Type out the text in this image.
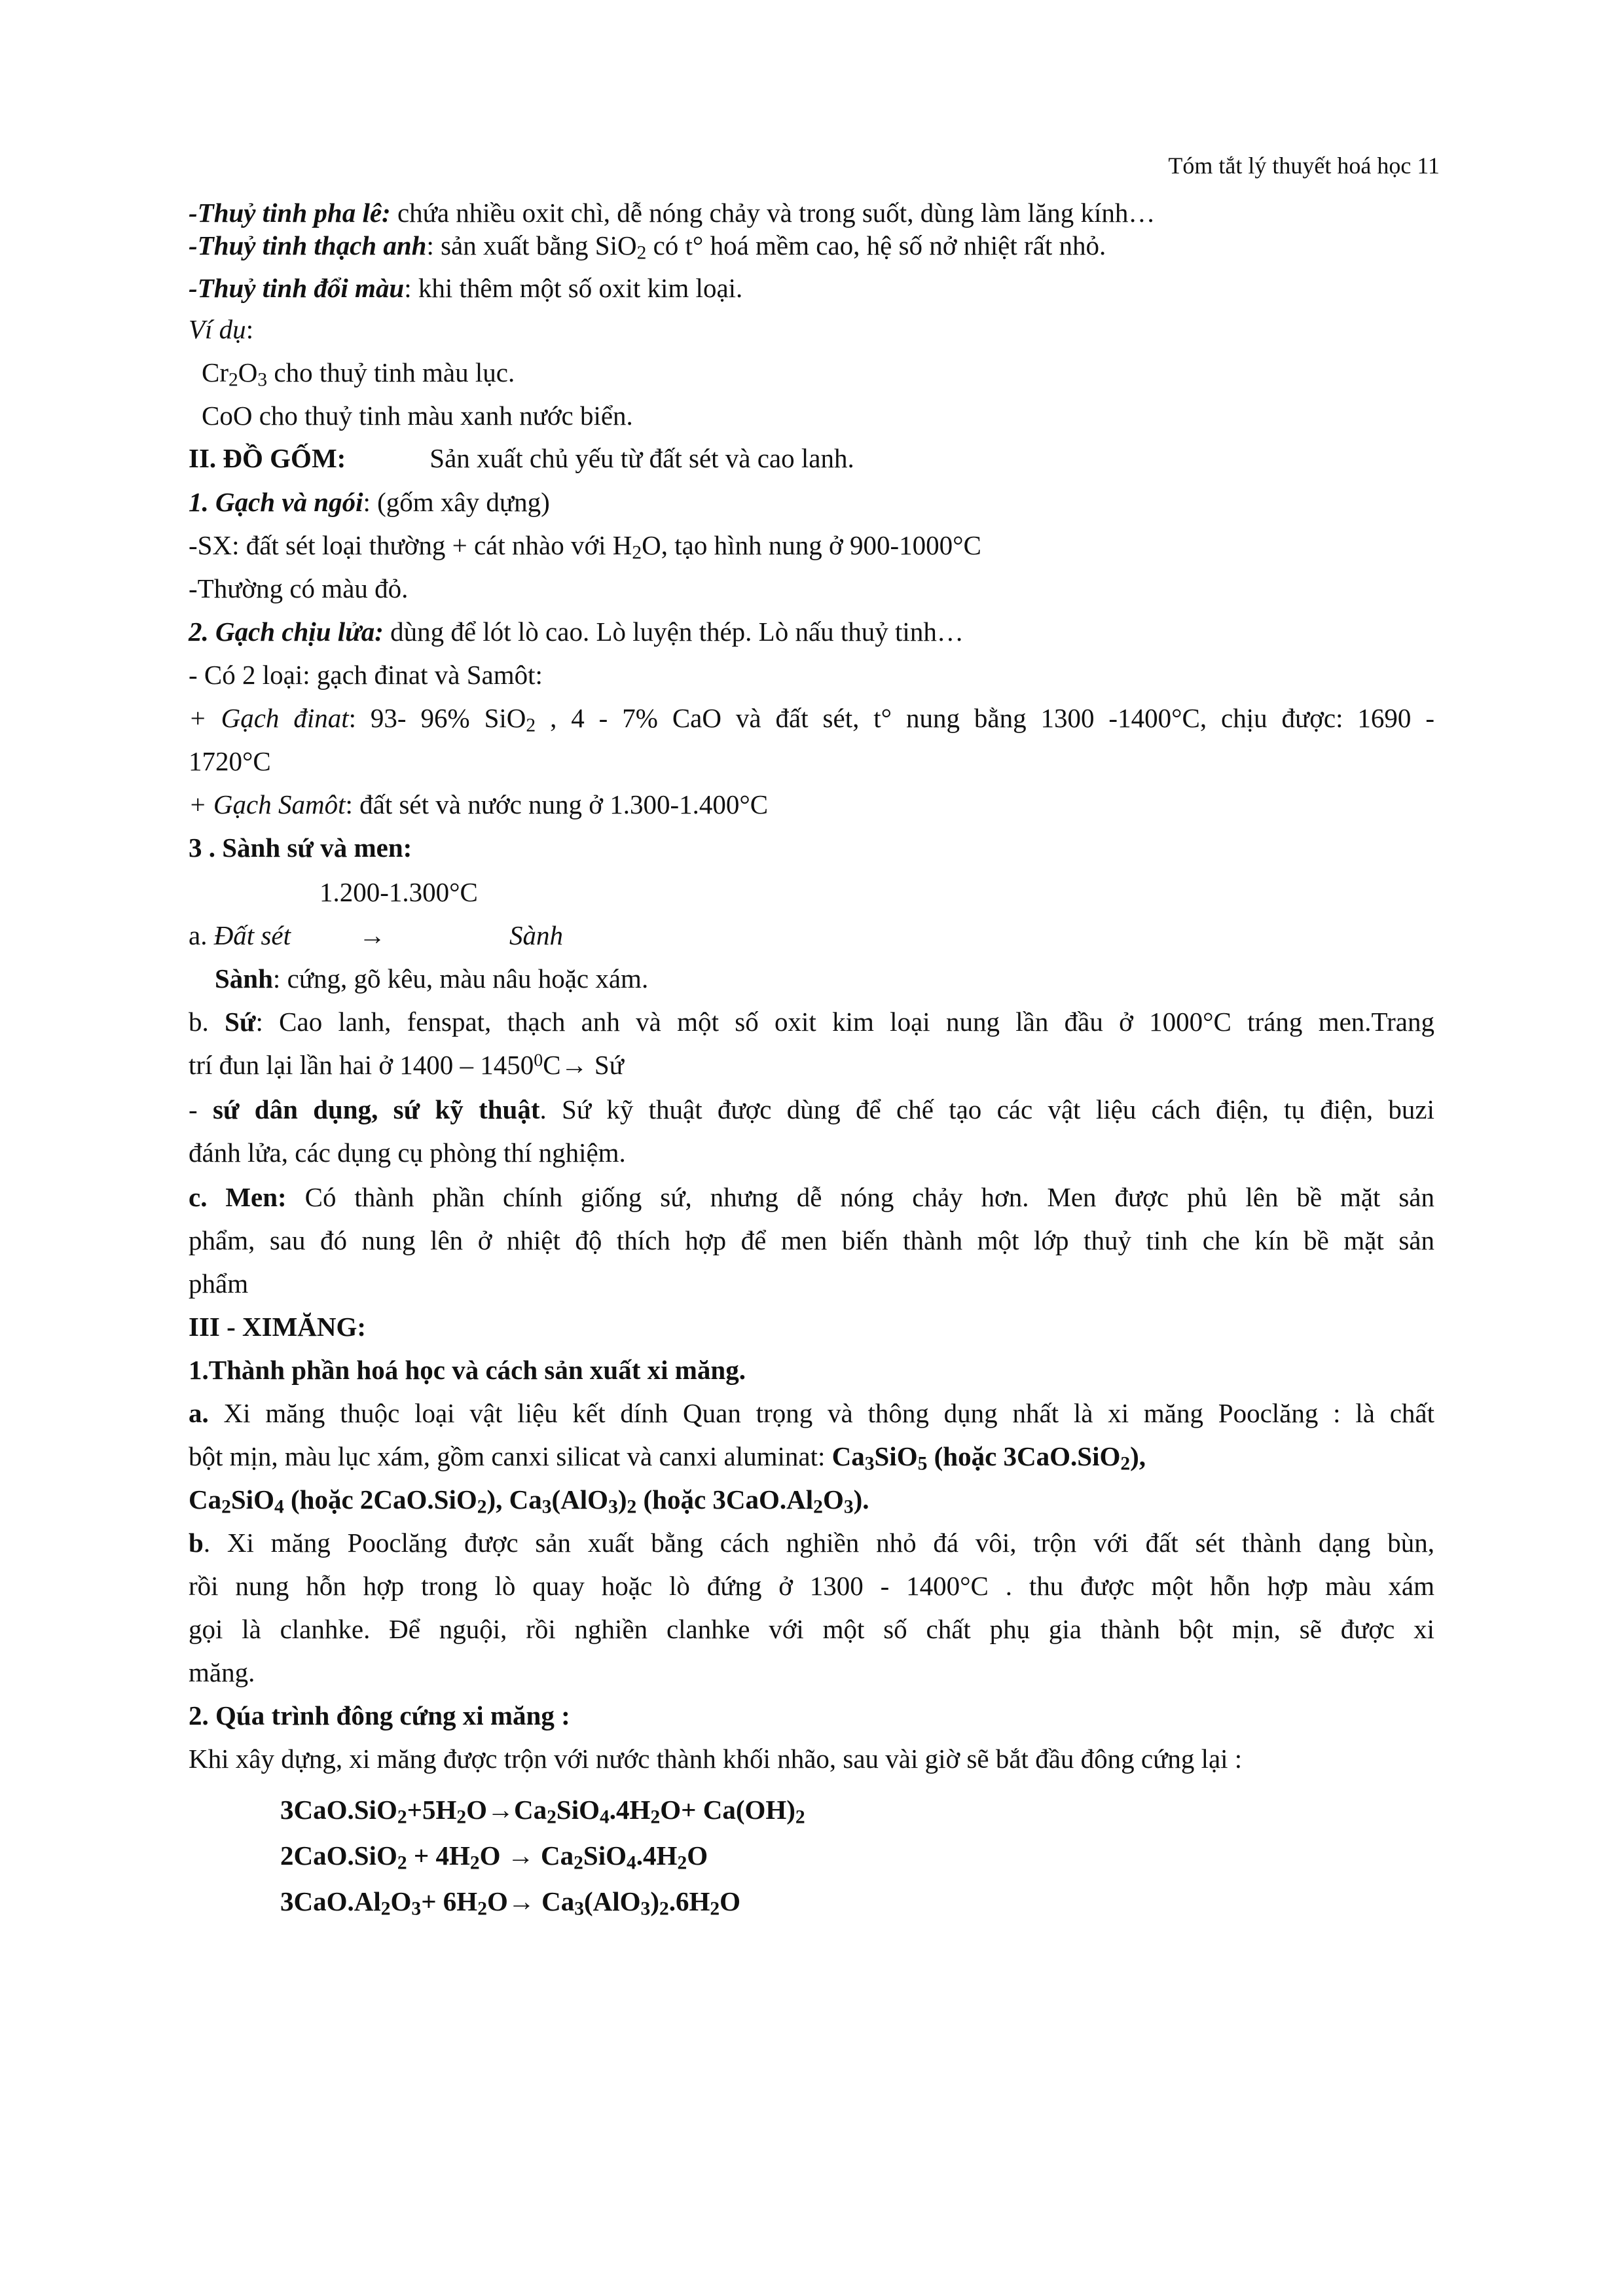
Tóm tắt lý thuyết hoá học 11
-Thuỷ tinh pha lê: chứa nhiều oxit chì, dễ nóng chảy và trong suốt, dùng làm lăng kính…
-Thuỷ tinh thạch anh: sản xuất bằng SiO$_2$ có t° hoá mềm cao, hệ số nở nhiệt rất nhỏ.
-Thuỷ tinh đổi màu: khi thêm một số oxit kim loại.
Ví dụ:
$Cr_2O_3$ cho thuỷ tinh màu lục.
CoO cho thuỷ tinh màu xanh nước biển.
II. ĐỒ GỐM:	Sản xuất chủ yếu từ đất sét và cao lanh.
1. Gạch và ngói: (gốm xây dựng)
-SX: đất sét loại thường + cát nhào với $H_2O$, tạo hình nung ở 900-1000°C
-Thường có màu đỏ.
2. Gạch chịu lửa: dùng để lót lò cao. Lò luyện thép. Lò nấu thuỷ tinh…
- Có 2 loại: gạch đinat và Samôt:
+ Gạch đinat: 93- 96% SiO$_2$ , 4 - 7% CaO và đất sét, t° nung bằng 1300 -1400°C, chịu được: 1690 -
1720°C
+ Gạch Samôt: đất sét và nước nung ở 1.300-1.400°C
3 . Sành sứ và men:
1.200-1.300°C
a. Đất sét	→	Sành
Sành: cứng, gõ kêu, màu nâu hoặc xám.
b. Sứ: Cao lanh, fenspat, thạch anh và một số oxit kim loại nung lần đầu ở 1000°C tráng men.Trang
trí đun lại lần hai ở $1400 - 1450^0C\to$ Sứ
- sứ dân dụng, sứ kỹ thuật. Sứ kỹ thuật được dùng để chế tạo các vật liệu cách điện, tụ điện, buzi
đánh lửa, các dụng cụ phòng thí nghiệm.
c. Men: Có thành phần chính giống sứ, nhưng dễ nóng chảy hơn. Men được phủ lên bề mặt sản
phẩm, sau đó nung lên ở nhiệt độ thích hợp để men biến thành một lớp thuỷ tinh che kín bề mặt sản
phẩm
III - XIMĂNG:
1.Thành phần hoá học và cách sản xuất xi măng.
a. Xi măng thuộc loại vật liệu kết dính Quan trọng và thông dụng nhất là xi măng Pooclăng : là chất
bột mịn, màu lục xám, gồm canxi silicat và canxi aluminat: $Ca_3SiO_5$ (hoặc 3CaO.SiO$_2$),
$Ca_2SiO_4$ (hoặc 2CaO.SiO$_2$), $Ca_3(AlO_3)_2$ (hoặc $3CaO.Al_2O_3$).
b. Xi măng Pooclăng được sản xuất bằng cách nghiền nhỏ đá vôi, trộn với đất sét thành dạng bùn,
rồi nung hỗn hợp trong lò quay hoặc lò đứng ở 1300 - 1400°C . thu được một hỗn hợp màu xám
gọi là clanhke. Để nguội, rồi nghiền clanhke với một số chất phụ gia thành bột mịn, sẽ được xi
măng.
2. Qúa trình đông cứng xi măng :
Khi xây dựng, xi măng được trộn với nước thành khối nhão, sau vài giờ sẽ bắt đầu đông cứng lại :
$3CaO.SiO_2+5H_2O\to Ca_2SiO_4.4H_2O+ Ca(OH)_2$
$2CaO.SiO_2 + 4H_2O \to Ca_2SiO_4.4H_2O$
$3CaO.Al_2O_3+ 6H_2O\to Ca_3(AlO_3)_2.6H_2O$
